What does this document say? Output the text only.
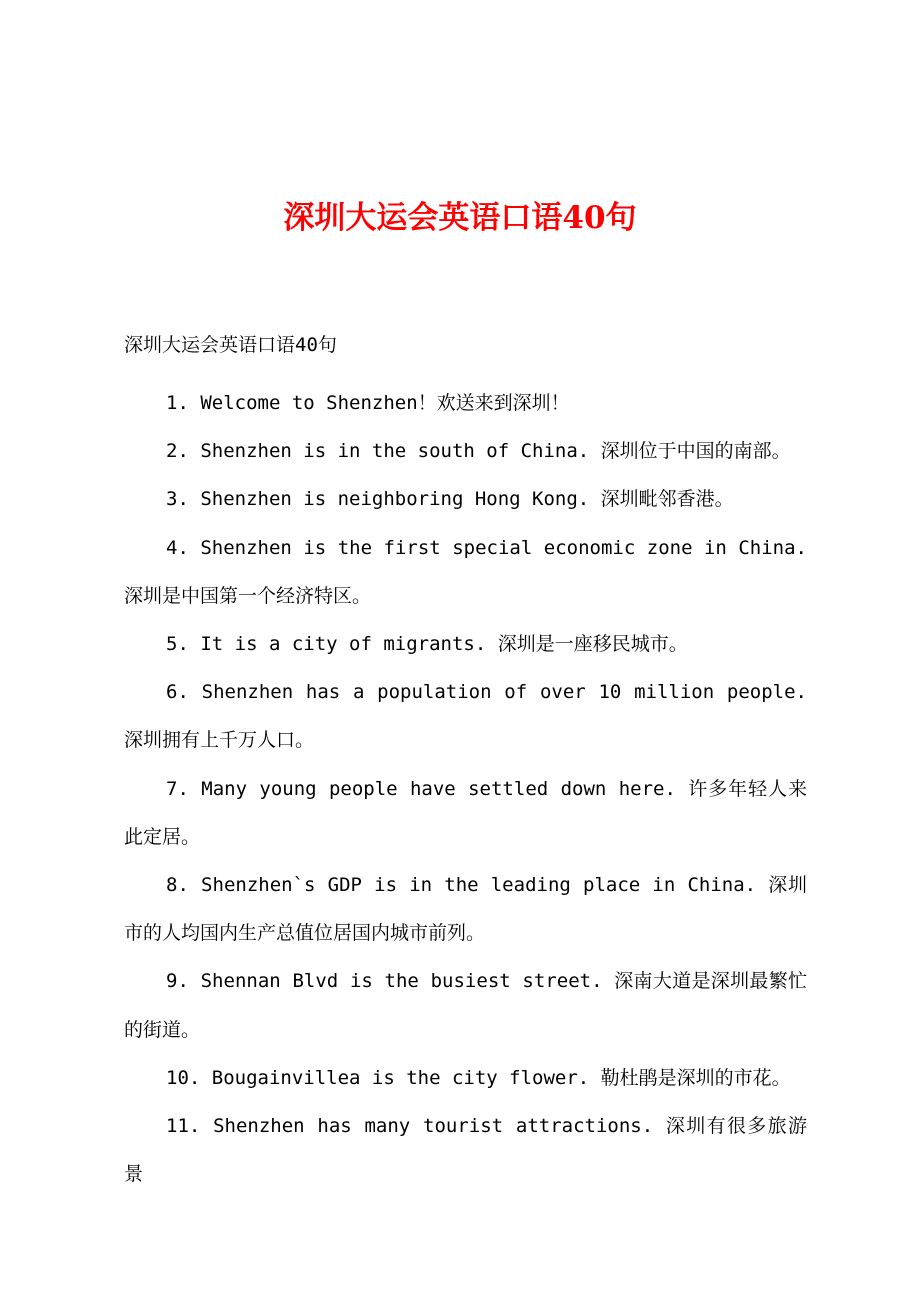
深圳大运会英语口语40句

深圳大运会英语口语40句

1. Welcome to Shenzhen！欢送来到深圳！

2. Shenzhen is in the south of China. 深圳位于中国的南部。

3. Shenzhen is neighboring Hong Kong. 深圳毗邻香港。

4. Shenzhen is the first special economic zone in China. 深圳是中国第一个经济特区。

5. It is a city of migrants. 深圳是一座移民城市。

6. Shenzhen has a population of over 10 million people. 深圳拥有上千万人口。

7. Many young people have settled down here. 许多年轻人来此定居。

8. Shenzhen`s GDP is in the leading place in China. 深圳市的人均国内生产总值位居国内城市前列。

9. Shennan Blvd is the busiest street. 深南大道是深圳最繁忙的街道。

10. Bougainvillea is the city flower. 勒杜鹃是深圳的市花。

11. Shenzhen has many tourist attractions. 深圳有很多旅游景
